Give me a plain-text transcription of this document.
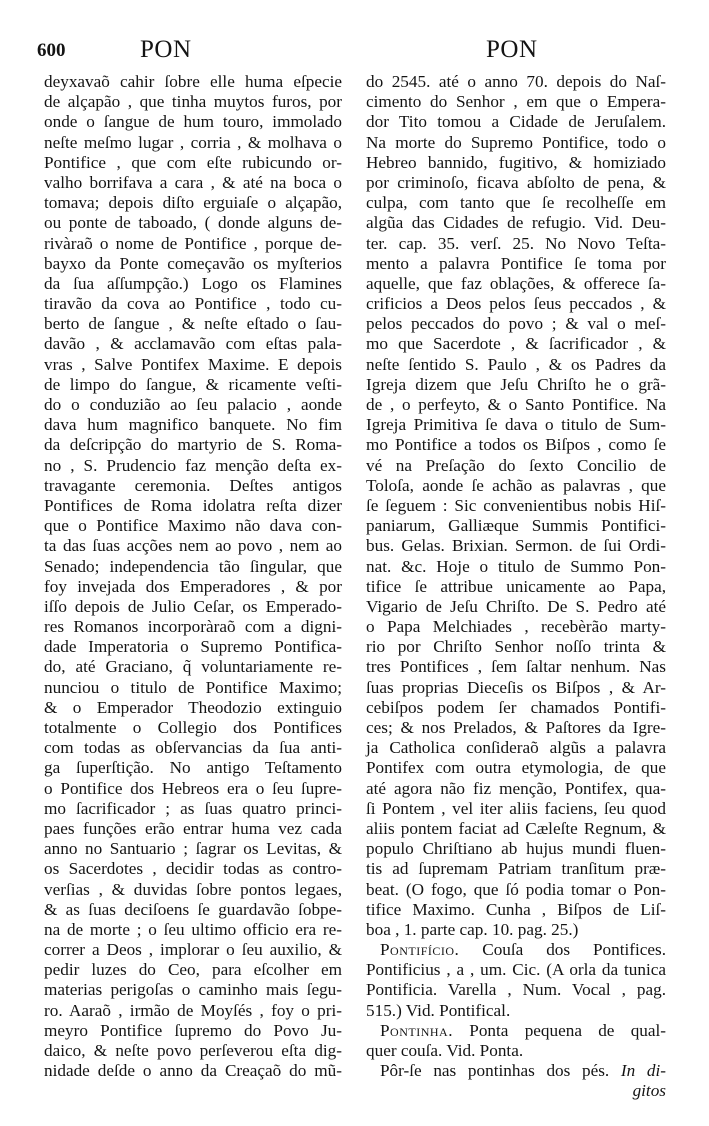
600	PON	PON
deyxavaõ cahir ſobre elle huma eſpecie
de alçapão , que tinha muytos furos, por
onde o ſangue de hum touro, immolado
neſte meſmo lugar , corria , & molhava o
Pontifice , que com eſte rubicundo or-
valho borrifava a cara , & até na boca o
tomava; depois diſto erguiaſe o alçapão,
ou ponte de taboado, ( donde alguns de-
rivàraõ o nome de Pontifice , porque de-
bayxo da Ponte começavão os myſterios
da ſua aſſumpção.) Logo os Flamines
tiravão da cova ao Pontifice , todo cu-
berto de ſangue , & neſte eſtado o ſau-
davão , & acclamavão com eſtas pala-
vras , Salve Pontifex Maxime. E depois
de limpo do ſangue, & ricamente veſti-
do o conduzião ao ſeu palacio , aonde
dava hum magnifico banquete. No fim
da deſcripção do martyrio de S. Roma-
no , S. Prudencio faz menção deſta ex-
travagante ceremonia. Deſtes antigos
Pontifices de Roma idolatra reſta dizer
que o Pontifice Maximo não dava con-
ta das ſuas acções nem ao povo , nem ao
Senado; independencia tão ſingular, que
foy invejada dos Emperadores , & por
iſſo depois de Julio Ceſar, os Emperado-
res Romanos incorporàraõ com a digni-
dade Imperatoria o Supremo Pontifica-
do, até Graciano, q̃ voluntariamente re-
nunciou o titulo de Pontifice Maximo;
& o Emperador Theodozio extinguio
totalmente o Collegio dos Pontifices
com todas as obſervancias da ſua anti-
ga ſuperſtição. No antigo Teſtamento
o Pontifice dos Hebreos era o ſeu ſupre-
mo ſacrificador ; as ſuas quatro princi-
paes funções erão entrar huma vez cada
anno no Santuario ; ſagrar os Levitas, &
os Sacerdotes , decidir todas as contro-
verſias , & duvidas ſobre pontos legaes,
& as ſuas deciſoens ſe guardavão ſobpe-
na de morte ; o ſeu ultimo officio era re-
correr a Deos , implorar o ſeu auxilio, &
pedir luzes do Ceo, para eſcolher em
materias perigoſas o caminho mais ſegu-
ro. Aaraõ , irmão de Moyſés , foy o pri-
meyro Pontifice ſupremo do Povo Ju-
daico, & neſte povo perſeverou eſta dig-
nidade deſde o anno da Creaçaõ do mũ-
do 2545. até o anno 70. depois do Naſ-
cimento do Senhor , em que o Empera-
dor Tito tomou a Cidade de Jeruſalem.
Na morte do Supremo Pontifice, todo o
Hebreo bannido, fugitivo, & homiziado
por criminoſo, ficava abſolto de pena, &
culpa, com tanto que ſe recolheſſe em
algũa das Cidades de refugio. Vid. Deu-
ter. cap. 35. verſ. 25. No Novo Teſta-
mento a palavra Pontifice ſe toma por
aquelle, que faz oblações, & offerece ſa-
crificios a Deos pelos ſeus peccados , &
pelos peccados do povo ; & val o meſ-
mo que Sacerdote , & ſacrificador , &
neſte ſentido S. Paulo , & os Padres da
Igreja dizem que Jeſu Chriſto he o grã-
de , o perfeyto, & o Santo Pontifice. Na
Igreja Primitiva ſe dava o titulo de Sum-
mo Pontifice a todos os Biſpos , como ſe
vé na Preſação do ſexto Concilio de
Toloſa, aonde ſe achão as palavras , que
ſe ſeguem : Sic convenientibus nobis Hiſ-
paniarum, Galliæque Summis Pontifici-
bus. Gelas. Brixian. Sermon. de ſui Ordi-
nat. &c. Hoje o titulo de Summo Pon-
tifice ſe attribue unicamente ao Papa,
Vigario de Jeſu Chriſto. De S. Pedro até
o Papa Melchiades , recebèrão marty-
rio por Chriſto Senhor noſſo trinta &
tres Pontifices , ſem ſaltar nenhum. Nas
ſuas proprias Dieceſis os Biſpos , & Ar-
cebiſpos podem ſer chamados Pontifi-
ces; & nos Prelados, & Paſtores da Igre-
ja Catholica conſideraõ algũs a palavra
Pontifex com outra etymologia, de que
até agora não fiz menção, Pontifex, qua-
ſi Pontem , vel iter aliis faciens, ſeu quod
aliis pontem faciat ad Cæleſte Regnum, &
populo Chriſtiano ab hujus mundi fluen-
tis ad ſupremam Patriam tranſitum præ-
beat. (O fogo, que ſó podia tomar o Pon-
tifice Maximo. Cunha , Biſpos de Liſ-
boa , 1. parte cap. 10. pag. 25.)
Pontifício. Couſa dos Pontifices.
Pontificius , a , um. Cic. (A orla da tunica
Pontificia. Varella , Num. Vocal , pag.
515.) Vid. Pontifical.
Pontinha. Ponta pequena de qual-
quer couſa. Vid. Ponta.
Pôr-ſe nas pontinhas dos pés. In di-
gitos
